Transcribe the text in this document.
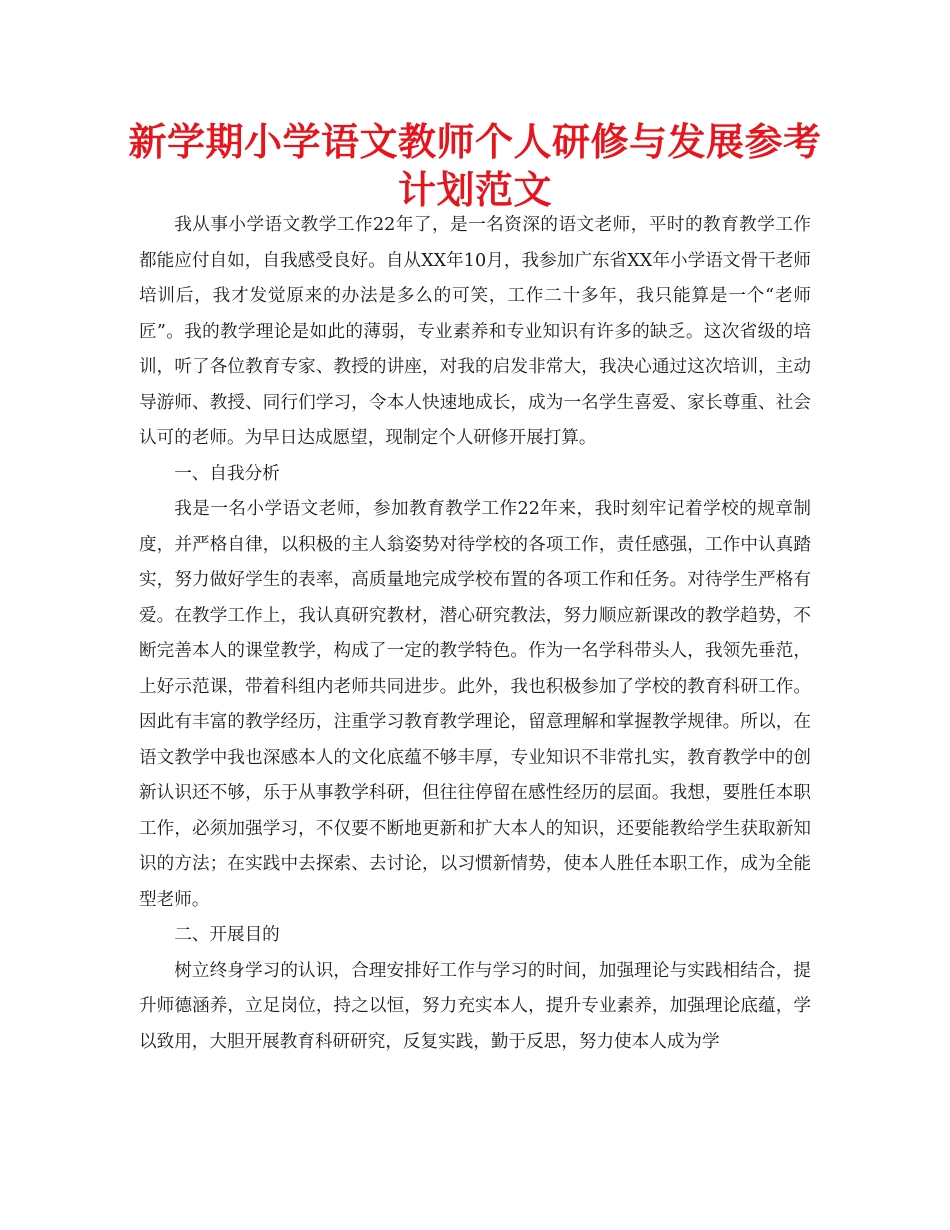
新学期小学语文教师个人研修与发展参考
计划范文

我从事小学语文教学工作22年了，是一名资深的语文老师，平时的教育教学工作都能应付自如，自我感受良好。自从XX年10月，我参加广东省XX年小学语文骨干老师培训后，我才发觉原来的办法是多么的可笑，工作二十多年，我只能算是一个“老师匠”。我的教学理论是如此的薄弱，专业素养和专业知识有许多的缺乏。这次省级的培训，听了各位教育专家、教授的讲座，对我的启发非常大，我决心通过这次培训，主动导游师、教授、同行们学习，令本人快速地成长，成为一名学生喜爱、家长尊重、社会认可的老师。为早日达成愿望，现制定个人研修开展打算。

一、自我分析

我是一名小学语文老师，参加教育教学工作22年来，我时刻牢记着学校的规章制度，并严格自律，以积极的主人翁姿势对待学校的各项工作，责任感强，工作中认真踏实，努力做好学生的表率，高质量地完成学校布置的各项工作和任务。对待学生严格有爱。在教学工作上，我认真研究教材，潜心研究教法，努力顺应新课改的教学趋势，不断完善本人的课堂教学，构成了一定的教学特色。作为一名学科带头人，我领先垂范，上好示范课，带着科组内老师共同进步。此外，我也积极参加了学校的教育科研工作。因此有丰富的教学经历，注重学习教育教学理论，留意理解和掌握教学规律。所以，在语文教学中我也深感本人的文化底蕴不够丰厚，专业知识不非常扎实，教育教学中的创新认识还不够，乐于从事教学科研，但往往停留在感性经历的层面。我想，要胜任本职工作，必须加强学习，不仅要不断地更新和扩大本人的知识，还要能教给学生获取新知识的方法；在实践中去探索、去讨论，以习惯新情势，使本人胜任本职工作，成为全能型老师。

二、开展目的

树立终身学习的认识，合理安排好工作与学习的时间，加强理论与实践相结合，提升师德涵养，立足岗位，持之以恒，努力充实本人，提升专业素养，加强理论底蕴，学以致用，大胆开展教育科研研究，反复实践，勤于反思，努力使本人成为学
